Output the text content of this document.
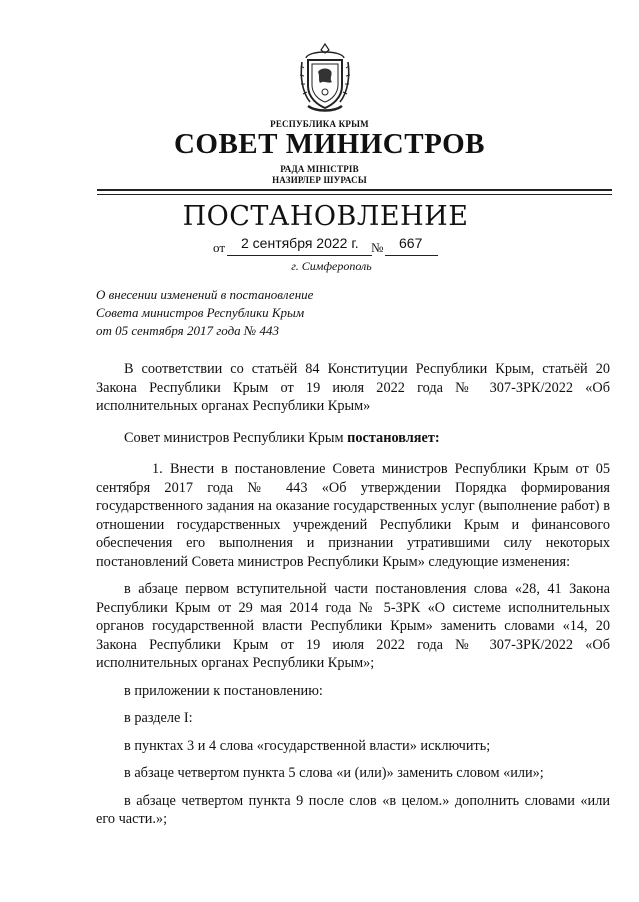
РЕСПУБЛИКА КРЫМ
СОВЕТ МИНИСТРОВ
РАДА МІНІСТРІВ
НАЗИРЛЕР ШУРАСЫ
ПОСТАНОВЛЕНИЕ
от 2 сентября 2022 г. № 667
г. Симферополь
О внесении изменений в постановление
Совета министров Республики Крым
от 05 сентября 2017 года № 443

В соответствии со статьёй 84 Конституции Республики Крым, статьёй 20 Закона Республики Крым от 19 июля 2022 года № 307-ЗРК/2022 «Об исполнительных органах Республики Крым»

Совет министров Республики Крым постановляет:

1. Внести в постановление Совета министров Республики Крым от 05 сентября 2017 года № 443 «Об утверждении Порядка формирования государственного задания на оказание государственных услуг (выполнение работ) в отношении государственных учреждений Республики Крым и финансового обеспечения его выполнения и признании утратившими силу некоторых постановлений Совета министров Республики Крым» следующие изменения:

в абзаце первом вступительной части постановления слова «28, 41 Закона Республики Крым от 29 мая 2014 года № 5-ЗРК «О системе исполнительных органов государственной власти Республики Крым» заменить словами «14, 20 Закона Республики Крым от 19 июля 2022 года № 307-ЗРК/2022 «Об исполнительных органах Республики Крым»;

в приложении к постановлению:

в разделе I:

в пунктах 3 и 4 слова «государственной власти» исключить;

в абзаце четвертом пункта 5 слова «и (или)» заменить словом «или»;

в абзаце четвертом пункта 9 после слов «в целом.» дополнить словами «или его части.»;
